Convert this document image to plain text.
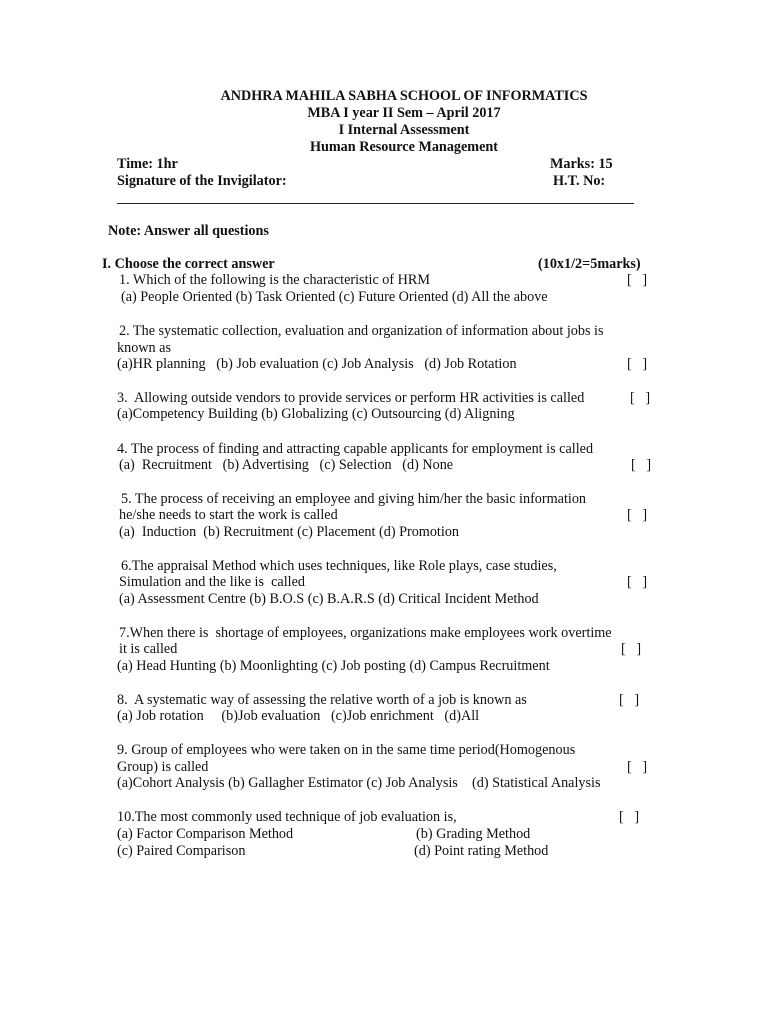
ANDHRA MAHILA SABHA SCHOOL OF INFORMATICS
MBA I year II Sem – April 2017
I Internal Assessment
Human Resource Management
Time: 1hr	Marks: 15
Signature of the Invigilator:	H.T. No:
Note: Answer all questions
I. Choose the correct answer	(10x1/2=5marks)
1. Which of the following is the characteristic of HRM	[   ]
(a) People Oriented (b) Task Oriented (c) Future Oriented (d) All the above
2. The systematic collection, evaluation and organization of information about jobs is
known as
(a)HR planning   (b) Job evaluation (c) Job Analysis   (d) Job Rotation	[   ]
3.  Allowing outside vendors to provide services or perform HR activities is called	[   ]
(a)Competency Building (b) Globalizing (c) Outsourcing (d) Aligning
4. The process of finding and attracting capable applicants for employment is called
(a)  Recruitment   (b) Advertising   (c) Selection   (d) None	[   ]
5. The process of receiving an employee and giving him/her the basic information
he/she needs to start the work is called	[   ]
(a)  Induction  (b) Recruitment (c) Placement (d) Promotion
6.The appraisal Method which uses techniques, like Role plays, case studies,
Simulation and the like is  called	[   ]
(a) Assessment Centre (b) B.O.S (c) B.A.R.S (d) Critical Incident Method
7.When there is  shortage of employees, organizations make employees work overtime
it is called	[   ]
(a) Head Hunting (b) Moonlighting (c) Job posting (d) Campus Recruitment
8.  A systematic way of assessing the relative worth of a job is known as	[   ]
(a) Job rotation     (b)Job evaluation   (c)Job enrichment   (d)All
9. Group of employees who were taken on in the same time period(Homogenous
Group) is called	[   ]
(a)Cohort Analysis (b) Gallagher Estimator (c) Job Analysis    (d) Statistical Analysis
10.The most commonly used technique of job evaluation is,	[   ]
(a) Factor Comparison Method	(b) Grading Method
(c) Paired Comparison	(d) Point rating Method
